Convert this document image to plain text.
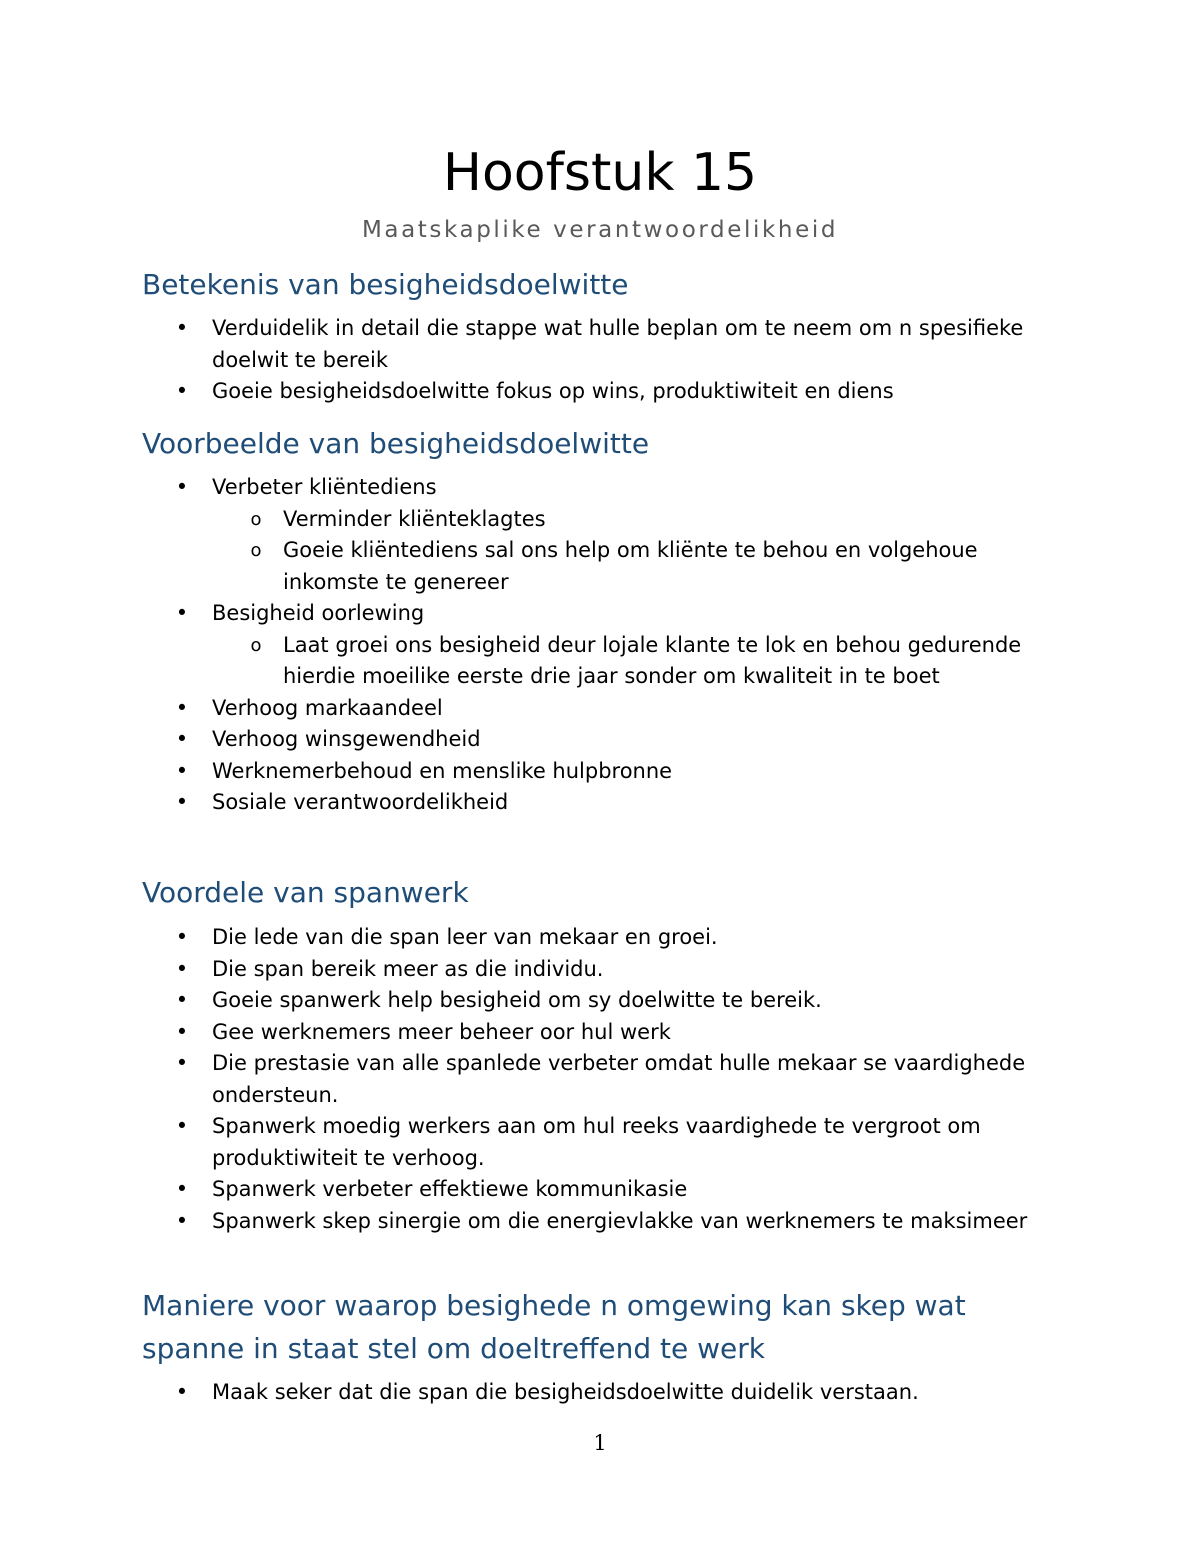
Hoofstuk 15
Maatskaplike verantwoordelikheid
Betekenis van besigheidsdoelwitte
• Verduidelik in detail die stappe wat hulle beplan om te neem om n spesifieke doelwit te bereik
• Goeie besigheidsdoelwitte fokus op wins, produktiwiteit en diens
Voorbeelde van besigheidsdoelwitte
• Verbeter kliëntediens
o Verminder kliënteklagtes
o Goeie kliëntediens sal ons help om kliënte te behou en volgehoue inkomste te genereer
• Besigheid oorlewing
o Laat groei ons besigheid deur lojale klante te lok en behou gedurende hierdie moeilike eerste drie jaar sonder om kwaliteit in te boet
• Verhoog markaandeel
• Verhoog winsgewendheid
• Werknemerbehoud en menslike hulpbronne
• Sosiale verantwoordelikheid
Voordele van spanwerk
• Die lede van die span leer van mekaar en groei.
• Die span bereik meer as die individu.
• Goeie spanwerk help besigheid om sy doelwitte te bereik.
• Gee werknemers meer beheer oor hul werk
• Die prestasie van alle spanlede verbeter omdat hulle mekaar se vaardighede ondersteun.
• Spanwerk moedig werkers aan om hul reeks vaardighede te vergroot om produktiwiteit te verhoog.
• Spanwerk verbeter effektiewe kommunikasie
• Spanwerk skep sinergie om die energievlakke van werknemers te maksimeer
Maniere voor waarop besighede n omgewing kan skep wat spanne in staat stel om doeltreffend te werk
• Maak seker dat die span die besigheidsdoelwitte duidelik verstaan.
1
